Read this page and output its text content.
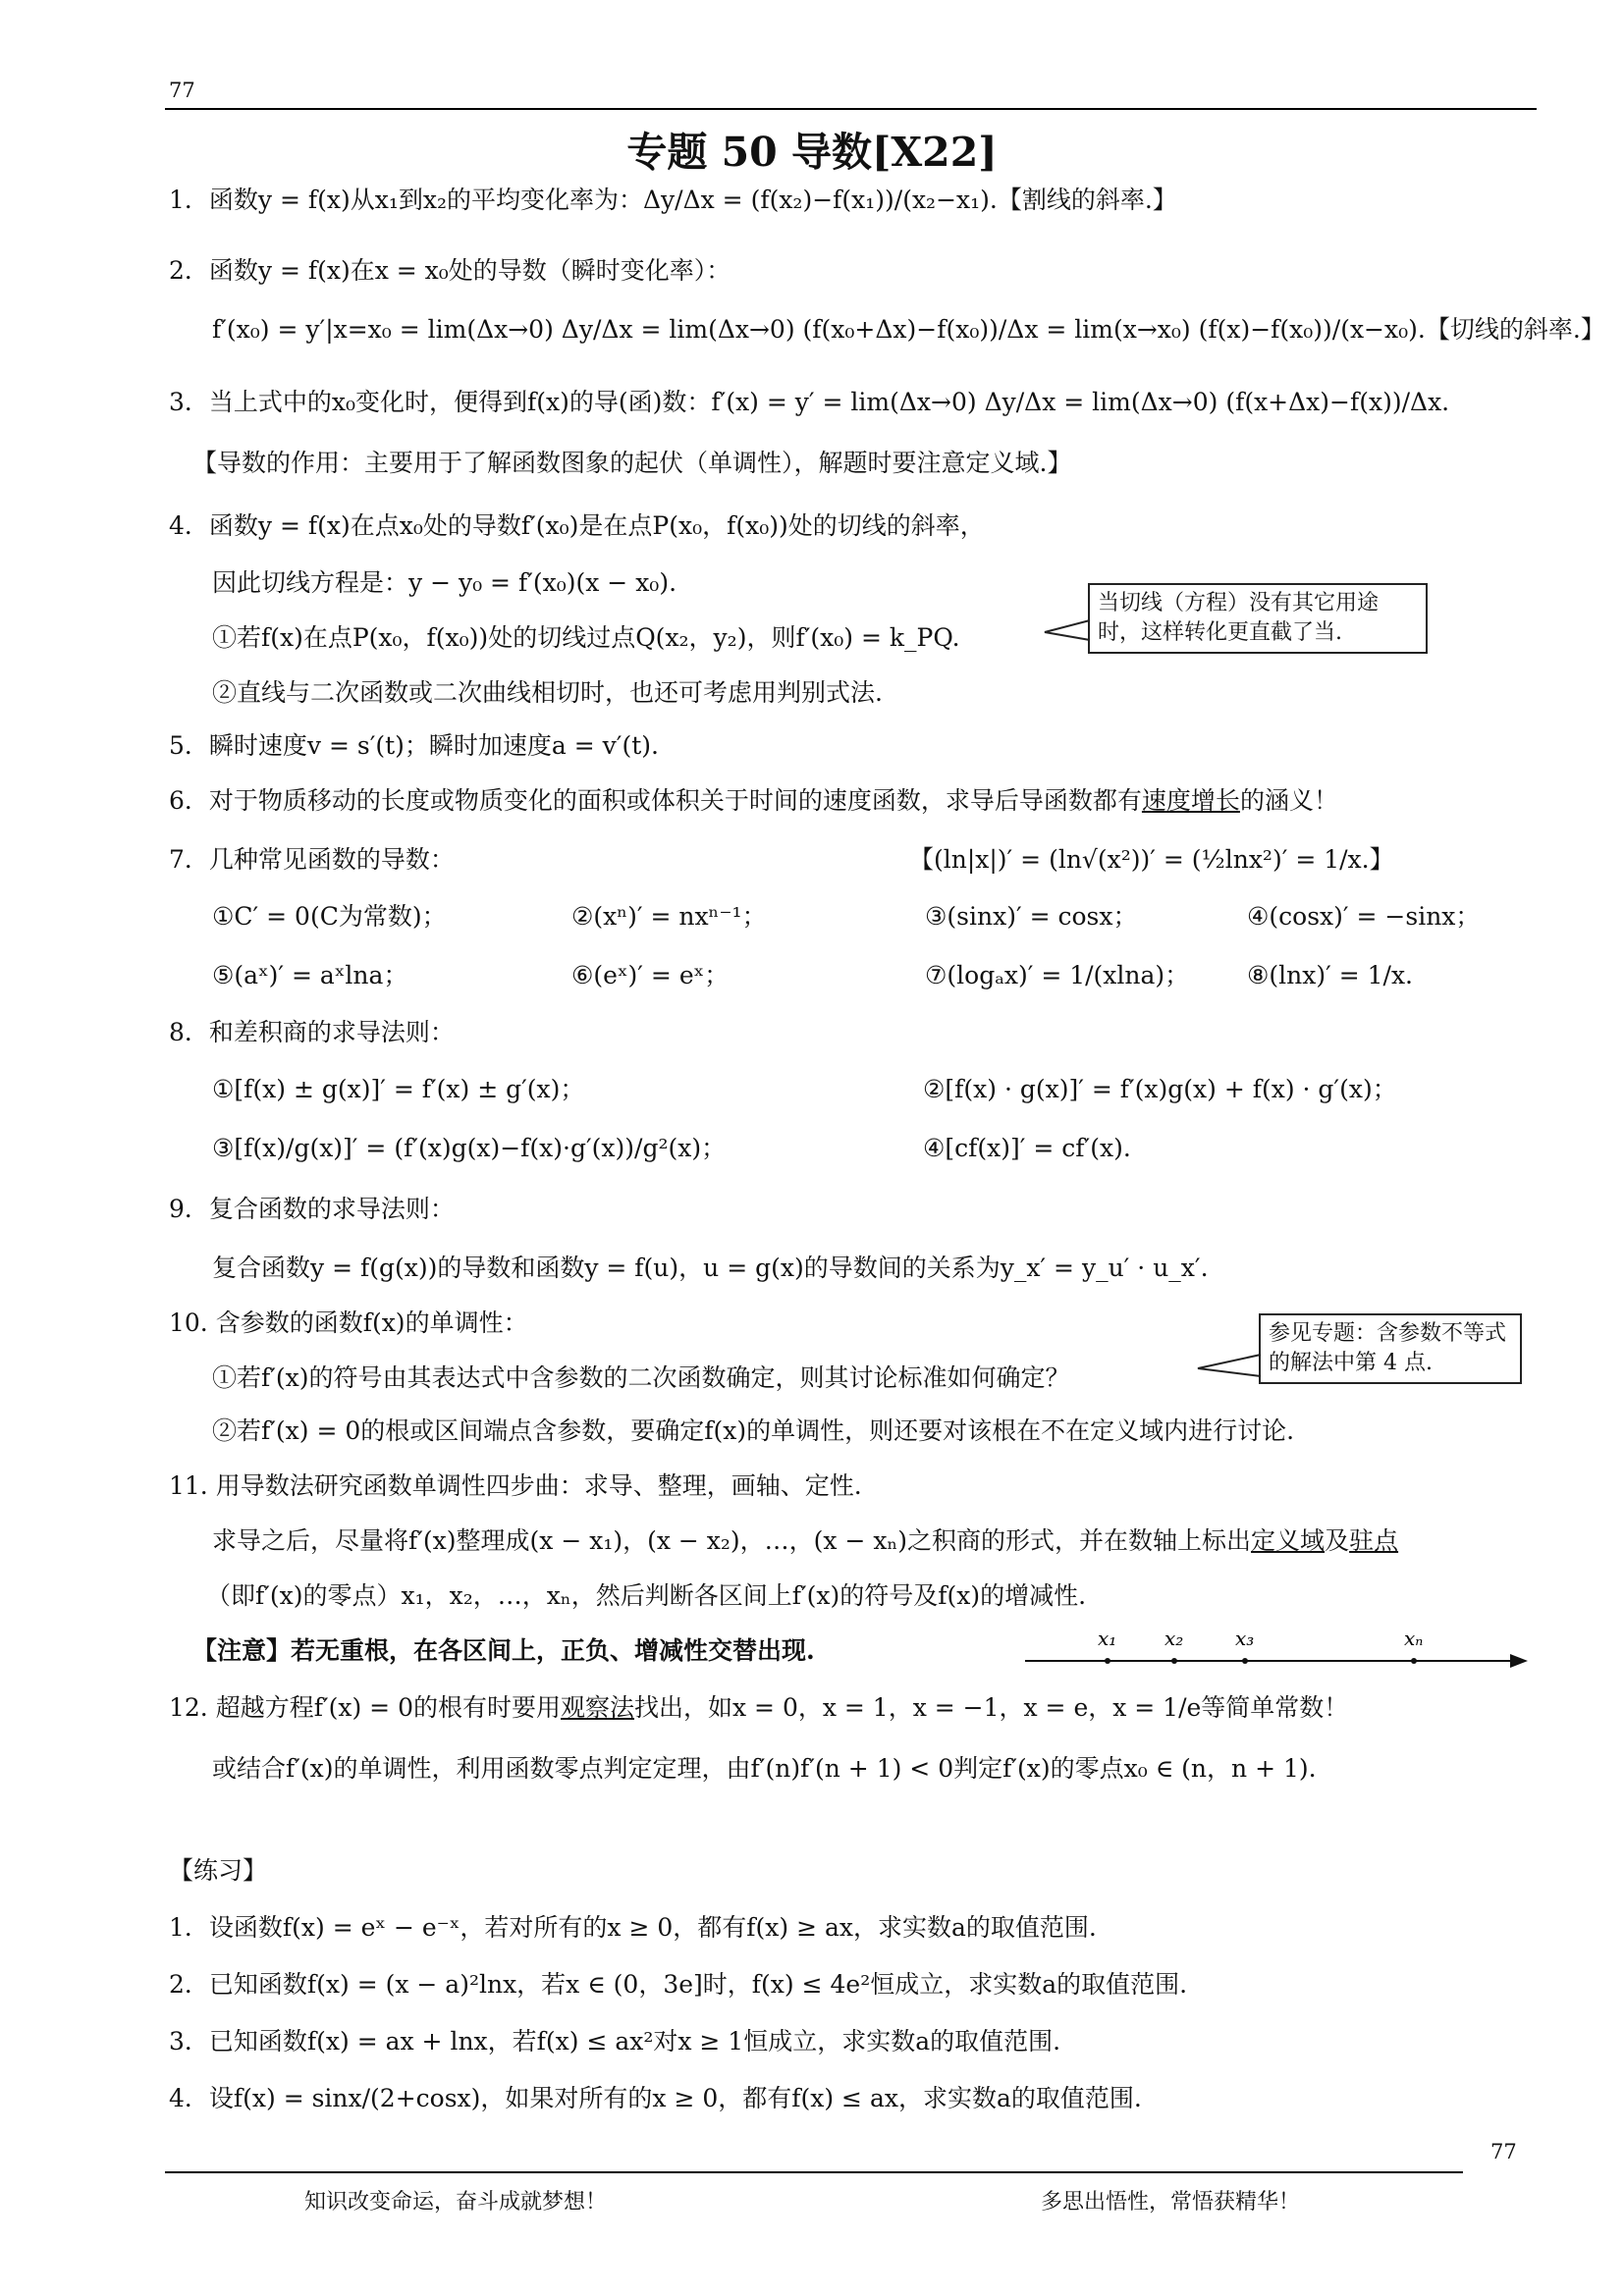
77
专题 50 导数[X22]
1．函数y = f(x)从x₁到x₂的平均变化率为：Δy/Δx = (f(x₂)−f(x₁))/(x₂−x₁).【割线的斜率.】
2．函数y = f(x)在x = x₀处的导数（瞬时变化率）：
f′(x₀) = y′|x=x₀ = lim(Δx→0) Δy/Δx = lim(Δx→0) (f(x₀+Δx)−f(x₀))/Δx = lim(x→x₀) (f(x)−f(x₀))/(x−x₀).【切线的斜率.】
3．当上式中的x₀变化时，便得到f(x)的导(函)数：f′(x) = y′ = lim(Δx→0) Δy/Δx = lim(Δx→0) (f(x+Δx)−f(x))/Δx.
【导数的作用：主要用于了解函数图象的起伏（单调性），解题时要注意定义域.】
4．函数y = f(x)在点x₀处的导数f′(x₀)是在点P(x₀，f(x₀))处的切线的斜率，
因此切线方程是：y − y₀ = f′(x₀)(x − x₀).
①若f(x)在点P(x₀，f(x₀))处的切线过点Q(x₂，y₂)，则f′(x₀) = k_PQ.
当切线（方程）没有其它用途时，这样转化更直截了当.
②直线与二次函数或二次曲线相切时，也还可考虑用判别式法.
5．瞬时速度v = s′(t)；瞬时加速度a = v′(t).
6．对于物质移动的长度或物质变化的面积或体积关于时间的速度函数，求导后导函数都有速度增长的涵义！
7．几种常见函数的导数：	【(ln|x|)′ = (ln√(x²))′ = (½lnx²)′ = 1/x.】
①C′ = 0(C为常数)；	②(xⁿ)′ = nxⁿ⁻¹；	③(sinx)′ = cosx；	④(cosx)′ = −sinx；
⑤(aˣ)′ = aˣlna；	⑥(eˣ)′ = eˣ；	⑦(logₐx)′ = 1/(xlna)； ⑧(lnx)′ = 1/x.
8．和差积商的求导法则：
①[f(x) ± g(x)]′ = f′(x) ± g′(x)；	②[f(x) · g(x)]′ = f′(x)g(x) + f(x) · g′(x)；
③[f(x)/g(x)]′ = (f′(x)g(x)−f(x)·g′(x))/g²(x)；	④[cf(x)]′ = cf′(x).
9．复合函数的求导法则：
复合函数y = f(g(x))的导数和函数y = f(u)，u = g(x)的导数间的关系为y_x′ = y_u′ · u_x′.
10. 含参数的函数f(x)的单调性：
①若f′(x)的符号由其表达式中含参数的二次函数确定，则其讨论标准如何确定？
参见专题：含参数不等式的解法中第 4 点.
②若f′(x) = 0的根或区间端点含参数，要确定f(x)的单调性，则还要对该根在不在定义域内进行讨论.
11. 用导数法研究函数单调性四步曲：求导、整理，画轴、定性.
求导之后，尽量将f′(x)整理成(x − x₁)，(x − x₂)，…，(x − xₙ)之积商的形式，并在数轴上标出定义域及驻点
（即f′(x)的零点）x₁，x₂，…，xₙ，然后判断各区间上f′(x)的符号及f(x)的增减性.
【注意】若无重根，在各区间上，正负、增减性交替出现.	x₁ x₂	x₃	xₙ
12. 超越方程f′(x) = 0的根有时要用观察法找出，如x = 0，x = 1，x = −1，x = e，x = 1/e等简单常数！
或结合f′(x)的单调性，利用函数零点判定定理，由f′(n)f′(n + 1) < 0判定f′(x)的零点x₀ ∈ (n，n + 1).
【练习】
1．设函数f(x) = eˣ − e⁻ˣ，若对所有的x ≥ 0，都有f(x) ≥ ax，求实数a的取值范围.
2．已知函数f(x) = (x − a)²lnx，若x ∈ (0，3e]时，f(x) ≤ 4e²恒成立，求实数a的取值范围.
3．已知函数f(x) = ax + lnx，若f(x) ≤ ax²对x ≥ 1恒成立，求实数a的取值范围.
4．设f(x) = sinx/(2+cosx)，如果对所有的x ≥ 0，都有f(x) ≤ ax，求实数a的取值范围.
77
知识改变命运，奋斗成就梦想！	多思出悟性，常悟获精华！
